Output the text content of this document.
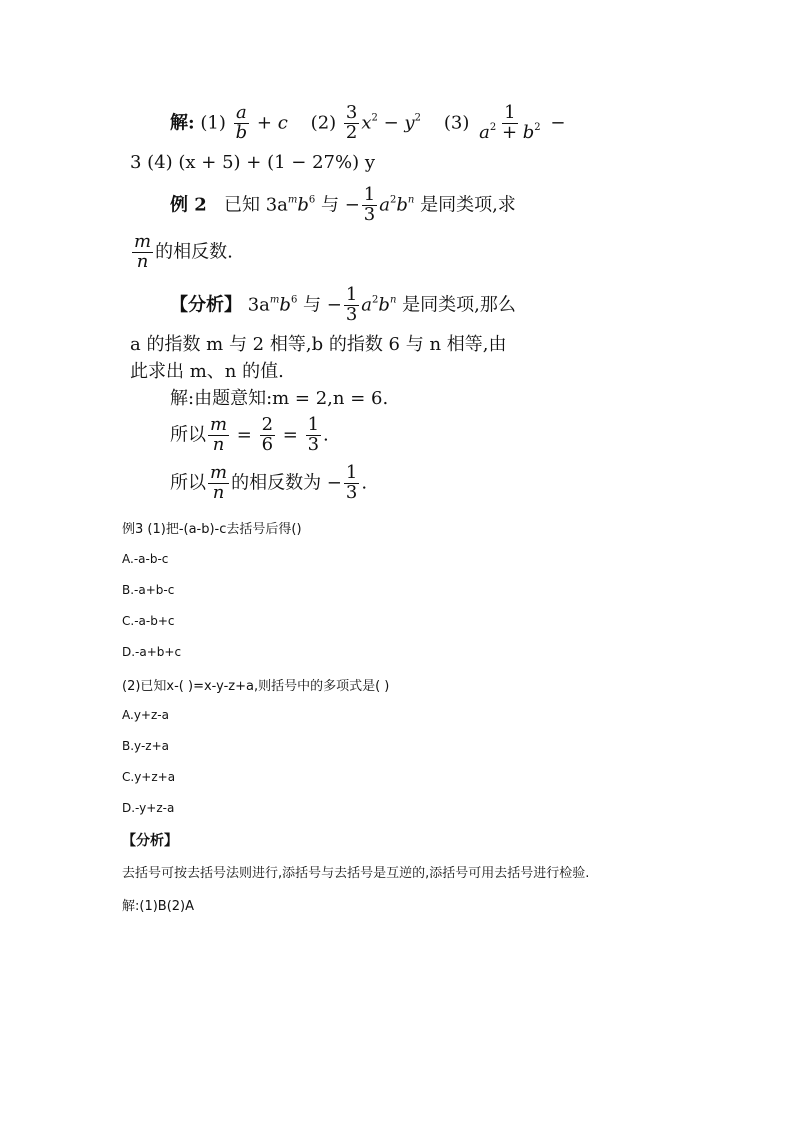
解: $(1) \frac{a}{b} + c$ $(2) \frac{3}{2} x^2 - y^2$ $(3) \frac{1}{a^2 + b^2}$ −
3 (4) (x + 5) + (1 − 27%) y
例 2 已知 $3a^mb^6$ 与 − $\frac{1}{3} a^2b^n$ 是同类项,求
$\frac{m}{n}$ 的相反数.
【分析】 $3a^mb^6$ 与 − $\frac{1}{3} a^2b^n$ 是同类项,那么
a 的指数 m 与 2 相等,b 的指数 6 与 n 相等,由
此求出 m、n 的值.
解:由题意知:m = 2,n = 6.
所以 $\frac{m}{n} = \frac{2}{6} = \frac{1}{3}$ .
所以 $\frac{m}{n}$ 的相反数为 − $\frac{1}{3}$ .
例3 (1)把-(a-b)-c去括号后得()
A.-a-b-c
B.-a+b-c
C.-a-b+c
D.-a+b+c
(2)已知x-( )=x-y-z+a,则括号中的多项式是( )
A.y+z-a
B.y-z+a
C.y+z+a
D.-y+z-a
【分析】
去括号可按去括号法则进行,添括号与去括号是互逆的,添括号可用去括号进行检验.
解:(1)B(2)A
